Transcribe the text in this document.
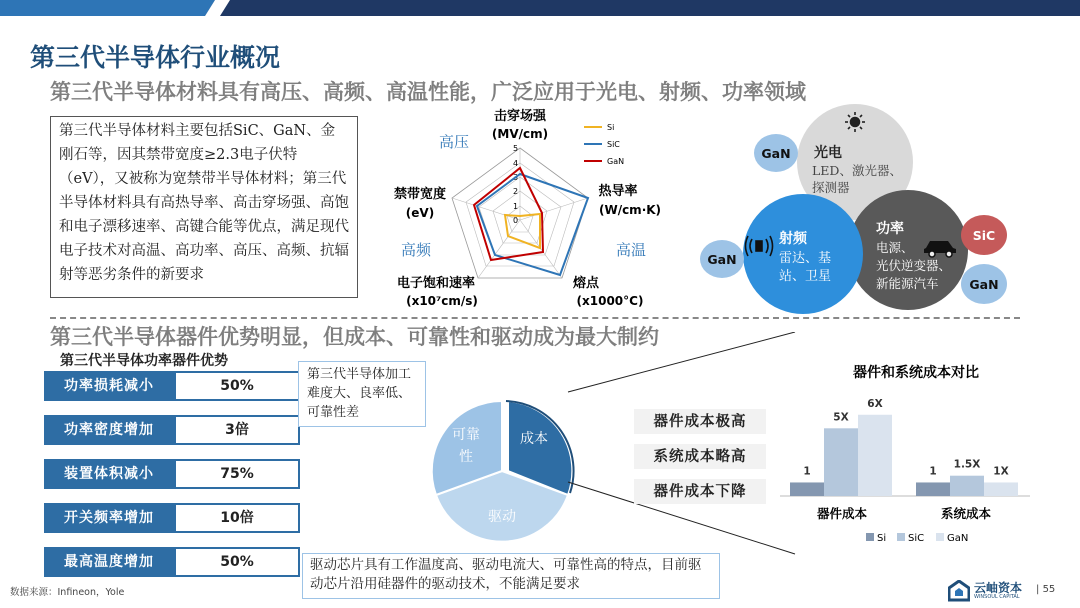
第三代半导体行业概况
第三代半导体材料具有高压、高频、高温性能，广泛应用于光电、射频、功率领域
第三代半导体材料主要包括SiC、GaN、金刚石等，因其禁带宽度≥2.3电子伏特（eV），又被称为宽禁带半导体材料；第三代半导体材料具有高热导率、高击穿场强、高饱和电子漂移速率、高键合能等优点，满足现代电子技术对高温、高功率、高压、高频、抗辐射等恶劣条件的新要求
5
4
3
2
1
0
Si
SiC
GaN
击穿场强
(MV/cm)
热导率
(W/cm·K)
熔点
(x1000°C)
电子饱和速率
(x10⁷cm/s)
禁带宽度
(eV)
高压
高频	高温
光电
LED、激光器、探测器
射频
雷达、基站、卫星
功率
电源、光伏逆变器、新能源汽车
GaN
GaN
SiC
GaN
第三代半导体器件优势明显，但成本、可靠性和驱动成为最大制约
第三代半导体功率器件优势
功率损耗减小	50%
功率密度增加	3倍
装置体积减小	75%
开关频率增加	10倍
最高温度增加	50%
第三代半导体加工难度大、良率低、可靠性差
成本
可靠性
驱动
器件成本极高
系统成本略高
器件成本下降
器件和系统成本对比
1
5X
6X
1
1.5X
1X
器件成本	系统成本
Si SiC GaN
驱动芯片具有工作温度高、驱动电流大、可靠性高的特点，目前驱动芯片沿用硅器件的驱动技术，不能满足要求
数据来源：Infineon，Yole	云岫资本
WINSOUL CAPITAL
| 55
